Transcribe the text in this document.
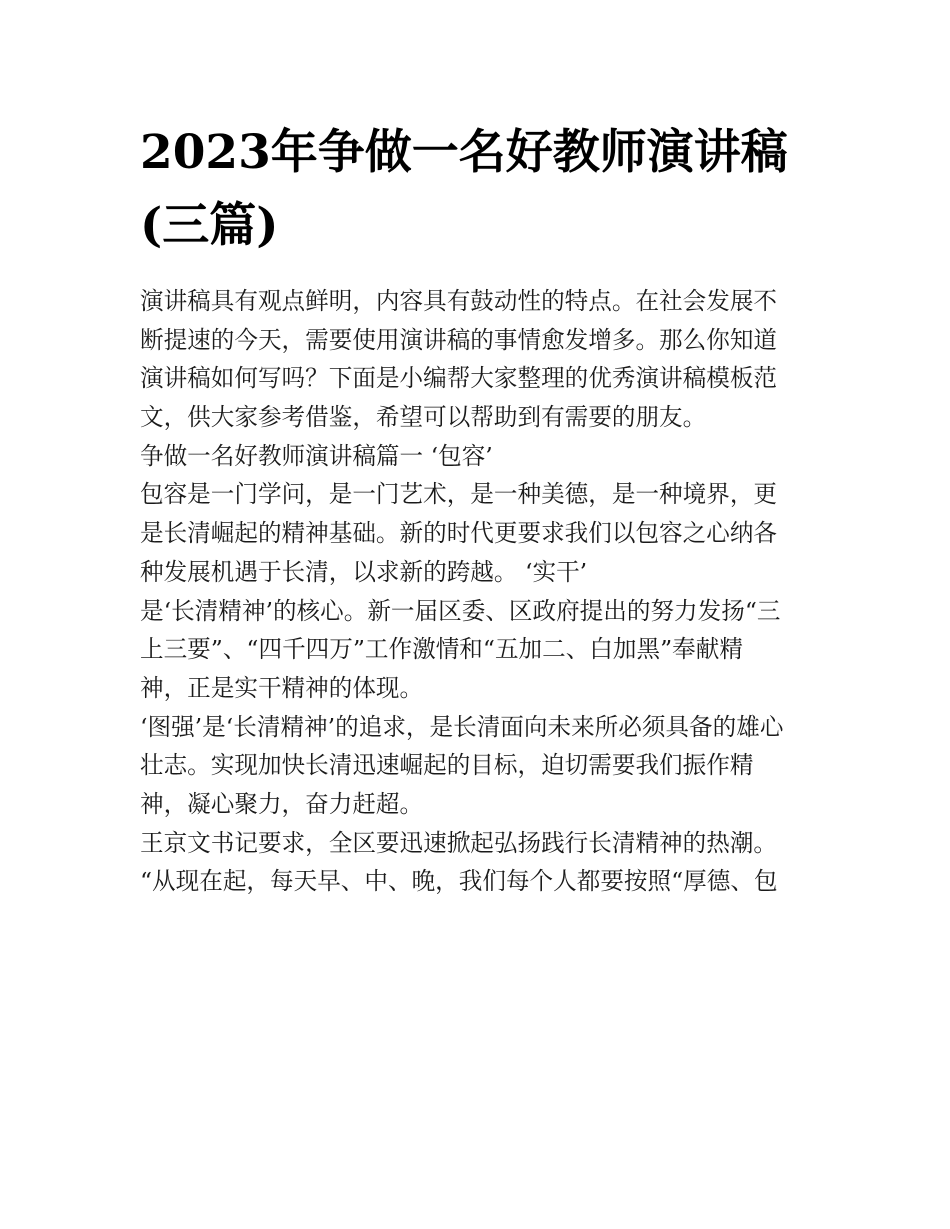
2023年争做一名好教师演讲稿
(三篇)
演讲稿具有观点鲜明，内容具有鼓动性的特点。在社会发展不
断提速的今天，需要使用演讲稿的事情愈发增多。那么你知道
演讲稿如何写吗？下面是小编帮大家整理的优秀演讲稿模板范
文，供大家参考借鉴，希望可以帮助到有需要的朋友。
争做一名好教师演讲稿篇一 ‘包容’
包容是一门学问，是一门艺术，是一种美德，是一种境界，更
是长清崛起的精神基础。新的时代更要求我们以包容之心纳各
种发展机遇于长清，以求新的跨越。 ‘实干’
是‘长清精神’的核心。新一届区委、区政府提出的努力发扬“三
上三要”、“四千四万”工作激情和“五加二、白加黑”奉献精
神，正是实干精神的体现。
‘图强’是‘长清精神’的追求，是长清面向未来所必须具备的雄心
壮志。实现加快长清迅速崛起的目标，迫切需要我们振作精
神，凝心聚力，奋力赶超。
王京文书记要求，全区要迅速掀起弘扬践行长清精神的热潮。
“从现在起，每天早、中、晚，我们每个人都要按照“厚德、包
